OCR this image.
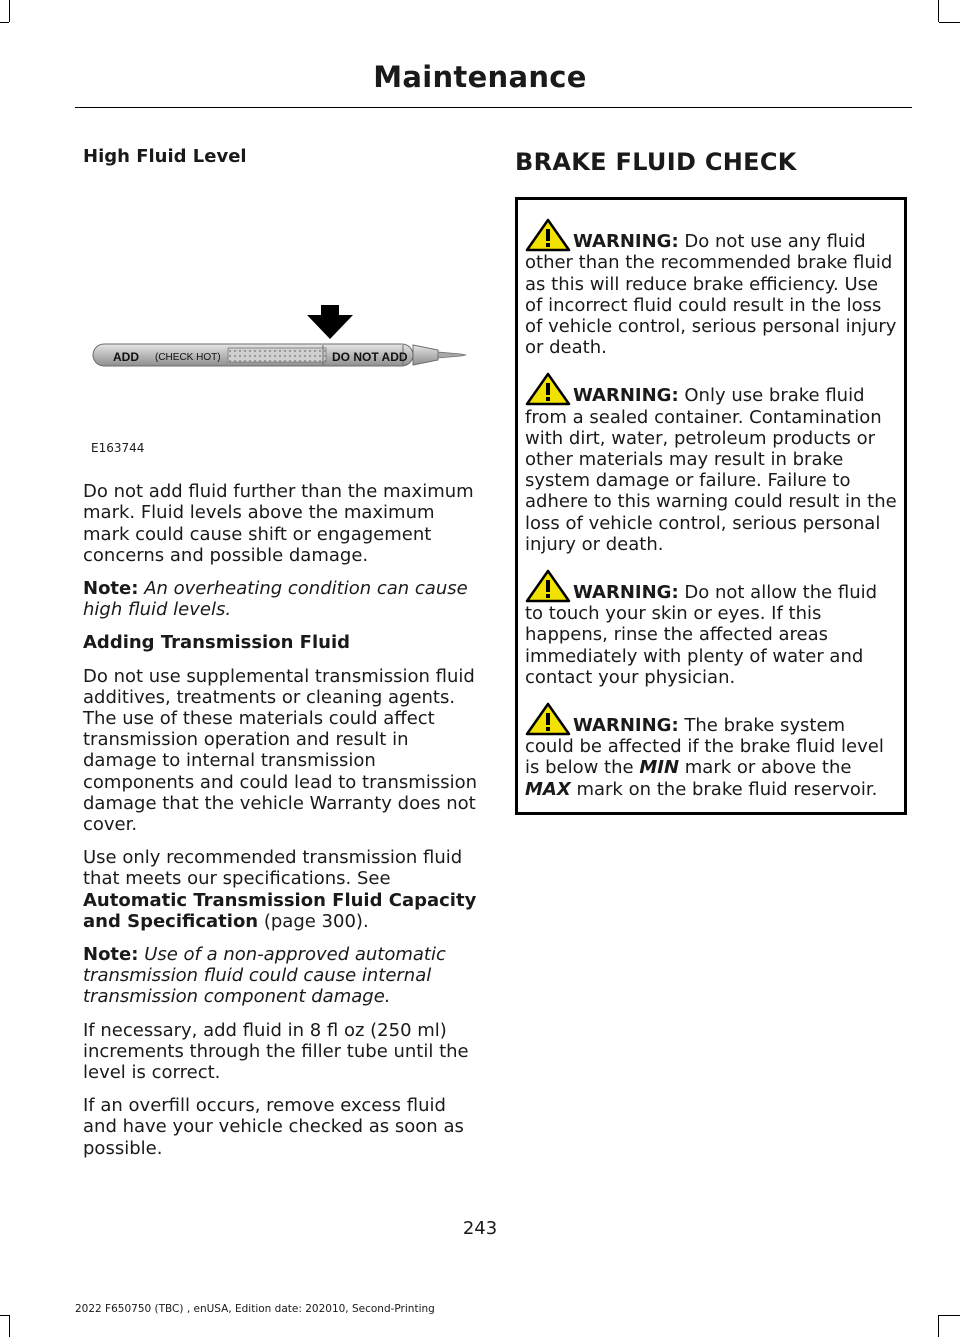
Maintenance
High Fluid Level
ADD (CHECK HOT)	DO NOT ADD
E163744

Do not add fluid further than the maximum mark. Fluid levels above the maximum mark could cause shift or engagement concerns and possible damage.

Note: An overheating condition can cause high fluid levels.

Adding Transmission Fluid

Do not use supplemental transmission fluid additives, treatments or cleaning agents. The use of these materials could affect transmission operation and result in damage to internal transmission components and could lead to transmission damage that the vehicle Warranty does not cover.

Use only recommended transmission fluid that meets our specifications. See Automatic Transmission Fluid Capacity and Specification (page 300).

Note: Use of a non-approved automatic transmission fluid could cause internal transmission component damage.

If necessary, add fluid in 8 fl oz (250 ml) increments through the filler tube until the level is correct.

If an overfill occurs, remove excess fluid and have your vehicle checked as soon as possible.

BRAKE FLUID CHECK

WARNING: Do not use any fluid other than the recommended brake fluid as this will reduce brake efficiency. Use of incorrect fluid could result in the loss of vehicle control, serious personal injury or death.

WARNING: Only use brake fluid from a sealed container. Contamination with dirt, water, petroleum products or other materials may result in brake system damage or failure. Failure to adhere to this warning could result in the loss of vehicle control, serious personal injury or death.

WARNING: Do not allow the fluid to touch your skin or eyes. If this happens, rinse the affected areas immediately with plenty of water and contact your physician.

WARNING: The brake system could be affected if the brake fluid level is below the MIN mark or above the MAX mark on the brake fluid reservoir.

243
2022 F650750 (TBC) , enUSA, Edition date: 202010, Second-Printing
